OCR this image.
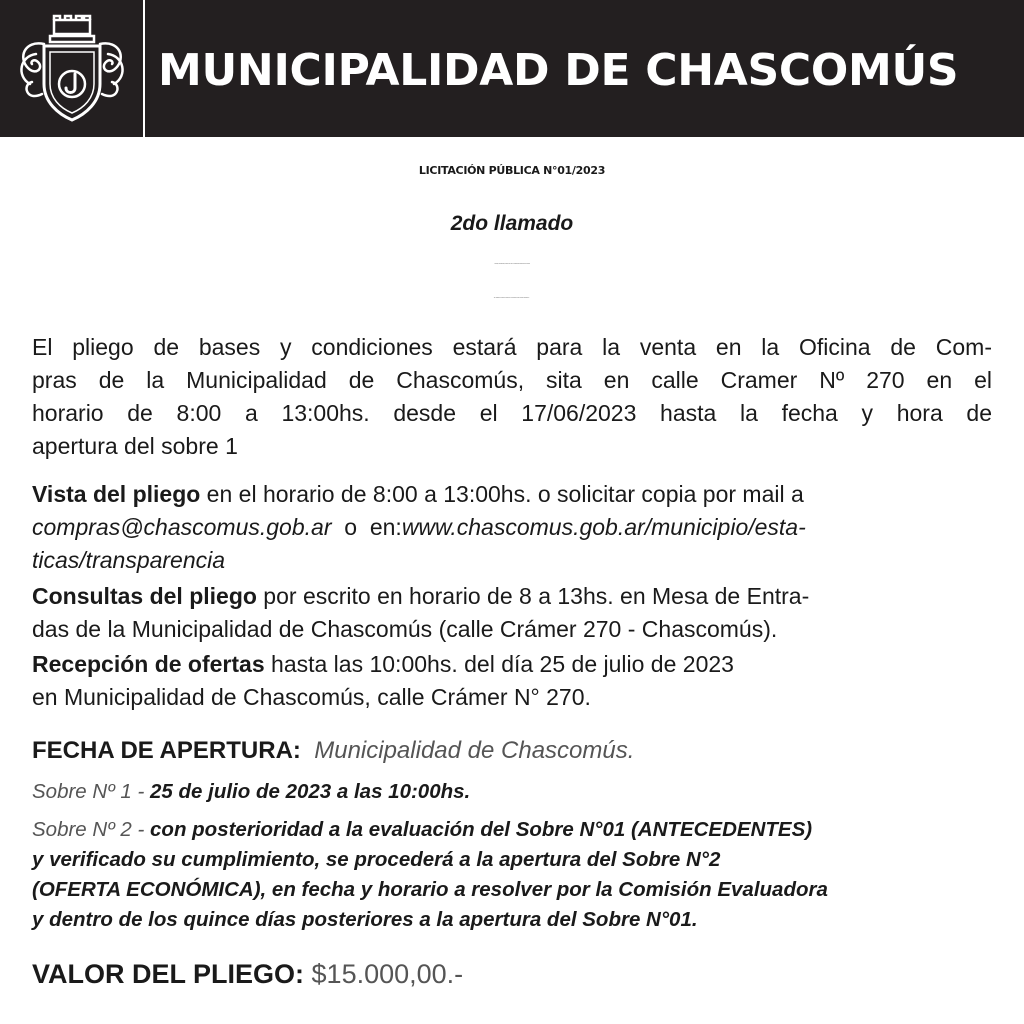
MUNICIPALIDAD DE CHASCOMÚS
LICITACIÓN PÚBLICA N°01/2023
2do llamado
“Diseño, construcción, puesta en valor y explotación comercial del Edificio
de Fomento y Turismo y edificio de la vieja oficina de informes turísticos” “.
El pliego de bases y condiciones estará para la venta en la Oficina de Com-
pras de la Municipalidad de Chascomús, sita en calle Cramer Nº 270 en el
horario de 8:00 a 13:00hs. desde el 17/06/2023 hasta la fecha y hora de
apertura del sobre 1
Vista del pliego en el horario de 8:00 a 13:00hs. o solicitar copia por mail a
compras@chascomus.gob.ar  o  en:www.chascomus.gob.ar/municipio/esta-
ticas/transparencia
Consultas del pliego por escrito en horario de 8 a 13hs. en Mesa de Entra-
das de la Municipalidad de Chascomús (calle Crámer 270 - Chascomús).
Recepción de ofertas hasta las 10:00hs. del día 25 de julio de 2023
en Municipalidad de Chascomús, calle Crámer N° 270.
FECHA DE APERTURA:  Municipalidad de Chascomús.
Sobre Nº 1 - 25 de julio de 2023 a las 10:00hs.
Sobre Nº 2 - con posterioridad a la evaluación del Sobre N°01 (ANTECEDENTES)
y verificado su cumplimiento, se procederá a la apertura del Sobre N°2
(OFERTA ECONÓMICA), en fecha y horario a resolver por la Comisión Evaluadora
y dentro de los quince días posteriores a la apertura del Sobre N°01.
VALOR DEL PLIEGO: $15.000,00.-
